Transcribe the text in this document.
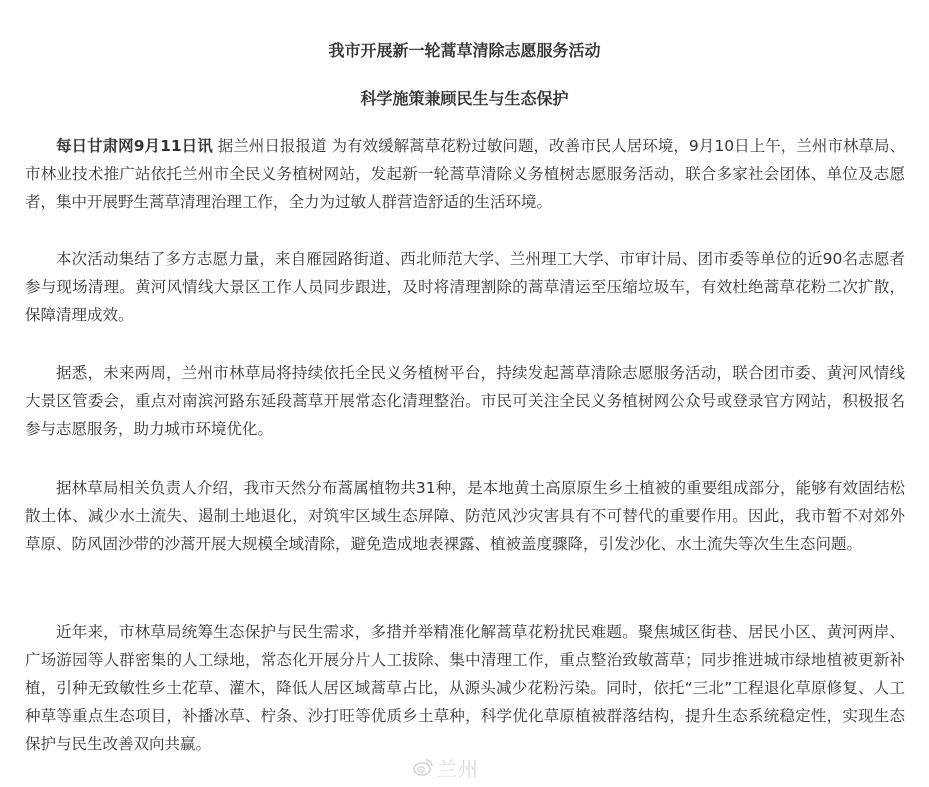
我市开展新一轮蒿草清除志愿服务活动
科学施策兼顾民生与生态保护

每日甘肃网9月11日讯 据兰州日报报道 为有效缓解蒿草花粉过敏问题，改善市民人居环境，9月10日上午，兰州市林草局、市林业技术推广站依托兰州市全民义务植树网站，发起新一轮蒿草清除义务植树志愿服务活动，联合多家社会团体、单位及志愿者，集中开展野生蒿草清理治理工作，全力为过敏人群营造舒适的生活环境。

本次活动集结了多方志愿力量，来自雁园路街道、西北师范大学、兰州理工大学、市审计局、团市委等单位的近90名志愿者参与现场清理。黄河风情线大景区工作人员同步跟进，及时将清理割除的蒿草清运至压缩垃圾车，有效杜绝蒿草花粉二次扩散，保障清理成效。

据悉，未来两周，兰州市林草局将持续依托全民义务植树平台，持续发起蒿草清除志愿服务活动，联合团市委、黄河风情线大景区管委会，重点对南滨河路东延段蒿草开展常态化清理整治。市民可关注全民义务植树网公众号或登录官方网站，积极报名参与志愿服务，助力城市环境优化。

据林草局相关负责人介绍，我市天然分布蒿属植物共31种，是本地黄土高原原生乡土植被的重要组成部分，能够有效固结松散土体、减少水土流失、遏制土地退化，对筑牢区域生态屏障、防范风沙灾害具有不可替代的重要作用。因此，我市暂不对郊外草原、防风固沙带的沙蒿开展大规模全域清除，避免造成地表裸露、植被盖度骤降，引发沙化、水土流失等次生生态问题。

近年来，市林草局统筹生态保护与民生需求，多措并举精准化解蒿草花粉扰民难题。聚焦城区街巷、居民小区、黄河两岸、广场游园等人群密集的人工绿地，常态化开展分片人工拔除、集中清理工作，重点整治致敏蒿草；同步推进城市绿地植被更新补植，引种无致敏性乡土花草、灌木，降低人居区域蒿草占比，从源头减少花粉污染。同时，依托“三北”工程退化草原修复、人工种草等重点生态项目，补播冰草、柠条、沙打旺等优质乡土草种，科学优化草原植被群落结构，提升生态系统稳定性，实现生态保护与民生改善双向共赢。

兰州
